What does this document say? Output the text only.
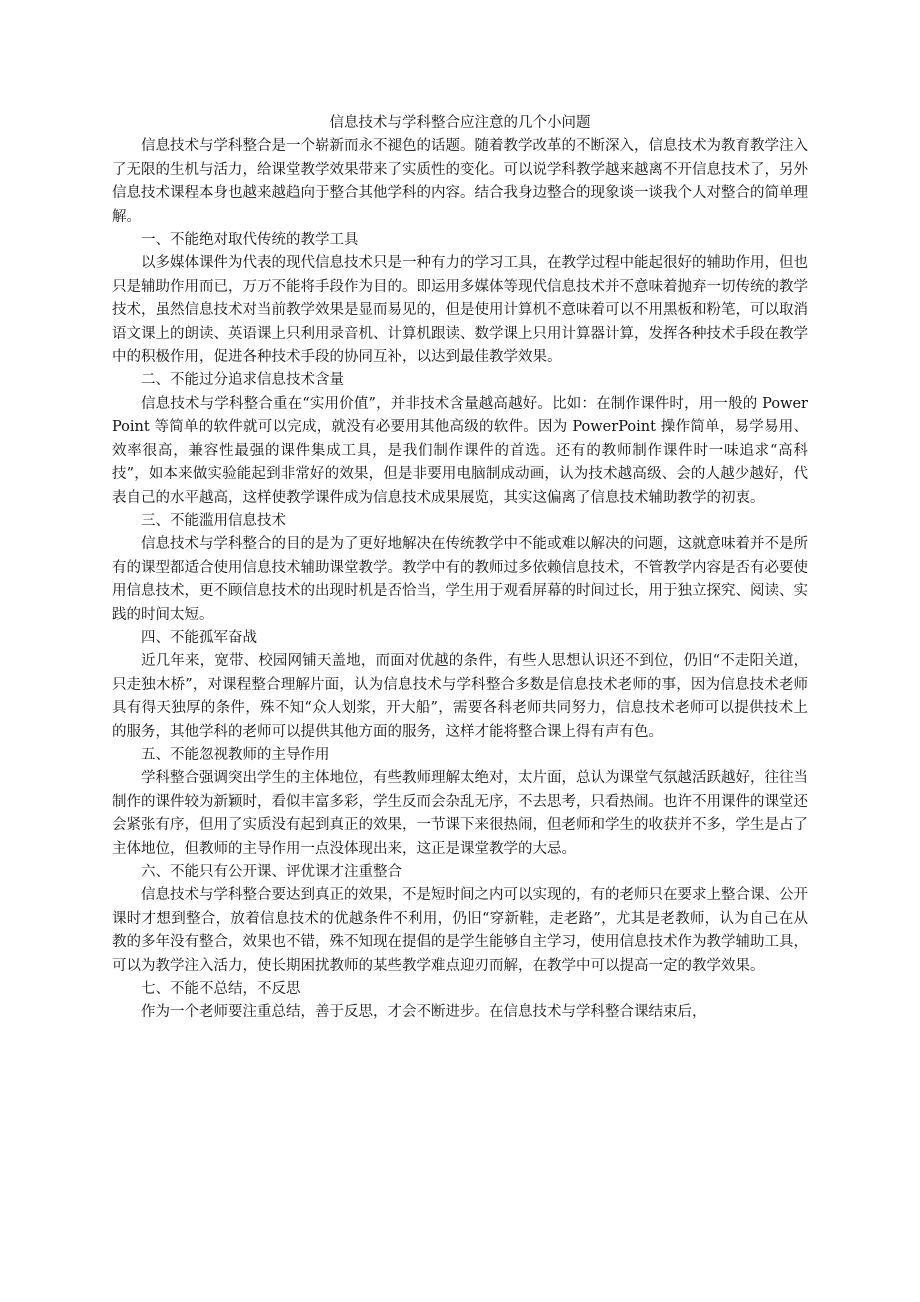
信息技术与学科整合应注意的几个小问题

信息技术与学科整合是一个崭新而永不褪色的话题。随着教学改革的不断深入，信息技术为教育教学注入了无限的生机与活力，给课堂教学效果带来了实质性的变化。可以说学科教学越来越离不开信息技术了，另外信息技术课程本身也越来越趋向于整合其他学科的内容。结合我身边整合的现象谈一谈我个人对整合的简单理解。

一、不能绝对取代传统的教学工具

以多媒体课件为代表的现代信息技术只是一种有力的学习工具，在教学过程中能起很好的辅助作用，但也只是辅助作用而已，万万不能将手段作为目的。即运用多媒体等现代信息技术并不意味着抛弃一切传统的教学技术，虽然信息技术对当前教学效果是显而易见的，但是使用计算机不意味着可以不用黑板和粉笔，可以取消语文课上的朗读、英语课上只利用录音机、计算机跟读、数学课上只用计算器计算，发挥各种技术手段在教学中的积极作用，促进各种技术手段的协同互补，以达到最佳教学效果。

二、不能过分追求信息技术含量

信息技术与学科整合重在“实用价值”，并非技术含量越高越好。比如：在制作课件时，用一般的 PowerPoint 等简单的软件就可以完成，就没有必要用其他高级的软件。因为 PowerPoint 操作简单，易学易用、效率很高，兼容性最强的课件集成工具，是我们制作课件的首选。还有的教师制作课件时一味追求“高科技”，如本来做实验能起到非常好的效果，但是非要用电脑制成动画，认为技术越高级、会的人越少越好，代表自己的水平越高，这样使教学课件成为信息技术成果展览，其实这偏离了信息技术辅助教学的初衷。

三、不能滥用信息技术

信息技术与学科整合的目的是为了更好地解决在传统教学中不能或难以解决的问题，这就意味着并不是所有的课型都适合使用信息技术辅助课堂教学。教学中有的教师过多依赖信息技术，不管教学内容是否有必要使用信息技术，更不顾信息技术的出现时机是否恰当，学生用于观看屏幕的时间过长，用于独立探究、阅读、实践的时间太短。

四、不能孤军奋战

近几年来，宽带、校园网铺天盖地，而面对优越的条件，有些人思想认识还不到位，仍旧“不走阳关道，只走独木桥”，对课程整合理解片面，认为信息技术与学科整合多数是信息技术老师的事，因为信息技术老师具有得天独厚的条件，殊不知“众人划浆，开大船”，需要各科老师共同努力，信息技术老师可以提供技术上的服务，其他学科的老师可以提供其他方面的服务，这样才能将整合课上得有声有色。

五、不能忽视教师的主导作用

学科整合强调突出学生的主体地位，有些教师理解太绝对，太片面，总认为课堂气氛越活跃越好，往往当制作的课件较为新颖时，看似丰富多彩，学生反而会杂乱无序，不去思考，只看热闹。也许不用课件的课堂还会紧张有序，但用了实质没有起到真正的效果，一节课下来很热闹，但老师和学生的收获并不多，学生是占了主体地位，但教师的主导作用一点没体现出来，这正是课堂教学的大忌。

六、不能只有公开课、评优课才注重整合

信息技术与学科整合要达到真正的效果，不是短时间之内可以实现的，有的老师只在要求上整合课、公开课时才想到整合，放着信息技术的优越条件不利用，仍旧“穿新鞋，走老路”，尤其是老教师，认为自己在从教的多年没有整合，效果也不错，殊不知现在提倡的是学生能够自主学习，使用信息技术作为教学辅助工具，可以为教学注入活力，使长期困扰教师的某些教学难点迎刃而解，在教学中可以提高一定的教学效果。

七、不能不总结，不反思

作为一个老师要注重总结，善于反思，才会不断进步。在信息技术与学科整合课结束后，
